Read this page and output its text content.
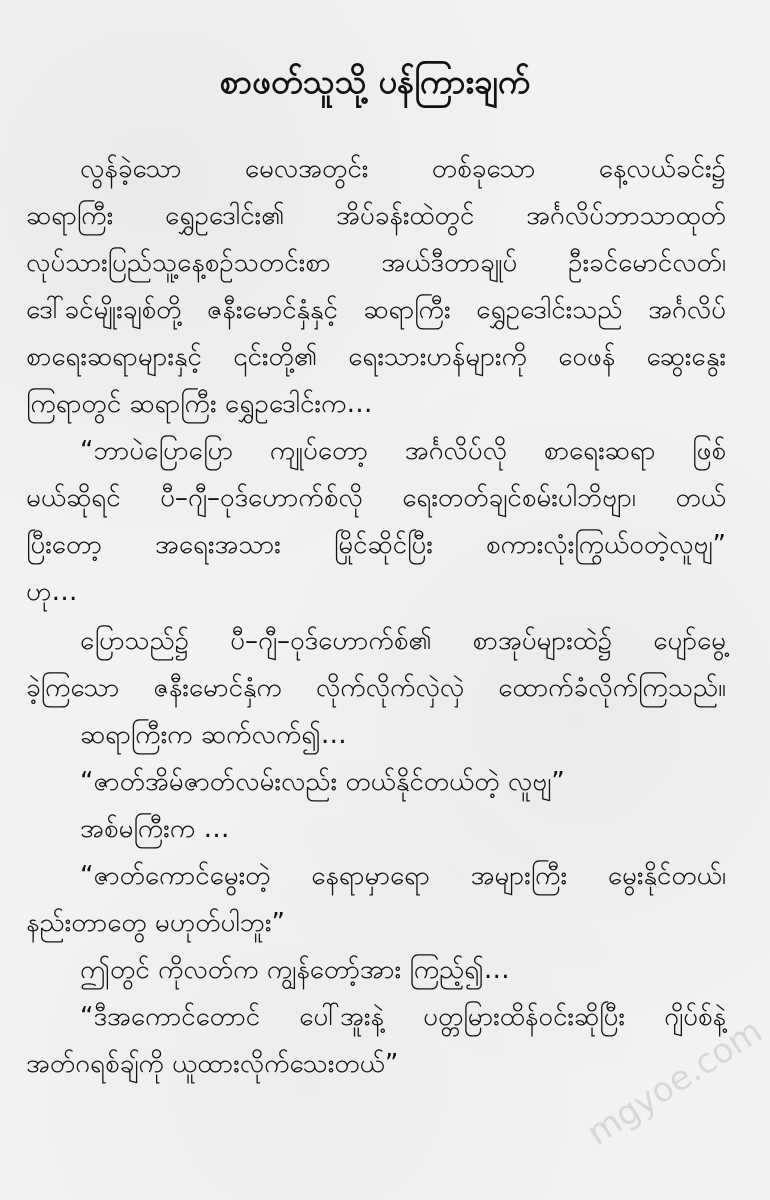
စာဖတ်သူသို့ ပန်ကြားချက်

လွန်ခဲ့သော မေလအတွင်း တစ်ခုသော နေ့လယ်ခင်း၌

ဆရာကြီး ရွှေဥဒေါင်း၏ အိပ်ခန်းထဲတွင် အင်္ဂလိပ်ဘာသာထုတ်

လုပ်သားပြည်သူ့နေ့စဉ်သတင်းစာ အယ်ဒီတာချုပ် ဦးခင်မောင်လတ်၊

ဒေါ်ခင်မျိုးချစ်တို့ ဇနီးမောင်နှံနှင့် ဆရာကြီး ရွှေဥဒေါင်းသည် အင်္ဂလိပ်

စာရေးဆရာများနှင့် ၎င်းတို့၏ ရေးသားဟန်များကို ဝေဖန် ဆွေးနွေး

ကြရာတွင် ဆရာကြီး ရွှေဥဒေါင်းက…

“ဘာပဲပြောပြော ကျုပ်တော့ အင်္ဂလိပ်လို စာရေးဆရာ ဖြစ်

မယ်ဆိုရင် ပီ–ဂျီ–ဝုဒ်ဟောက်စ်လို ရေးတတ်ချင်စမ်းပါဘိဗျာ၊ တယ်

ပြီးတော့ အရေးအသား မြိုင်ဆိုင်ပြီး စကားလုံးကြွယ်ဝတဲ့လူဗျ”

ဟု…

ပြောသည်၌ ပီ–ဂျီ–ဝုဒ်ဟောက်စ်၏ စာအုပ်များထဲ၌ ပျော်မွေ့

ခဲ့ကြသော ဇနီးမောင်နှံက လိုက်လိုက်လှဲလှဲ ထောက်ခံလိုက်ကြသည်။

ဆရာကြီးက ဆက်လက်၍…

“ဇာတ်အိမ်ဇာတ်လမ်းလည်း တယ်နိုင်တယ်တဲ့ လူဗျ”

အစ်မကြီးက …

“ဇာတ်ကောင်မွေးတဲ့ နေရာမှာရော အများကြီး မွေးနိုင်တယ်၊

နည်းတာတွေ မဟုတ်ပါဘူး”

ဤတွင် ကိုလတ်က ကျွန်တော့်အား ကြည့်၍…

“ဒီအကောင်တောင် ပေါ်အူးနဲ့ ပတ္တမြားထိန်ဝင်းဆိုပြီး ဂျိပ်စ်နဲ့

အတ်ဂရစ်ချ်ကို ယူထားလိုက်သေးတယ်”	mgyoe.com
